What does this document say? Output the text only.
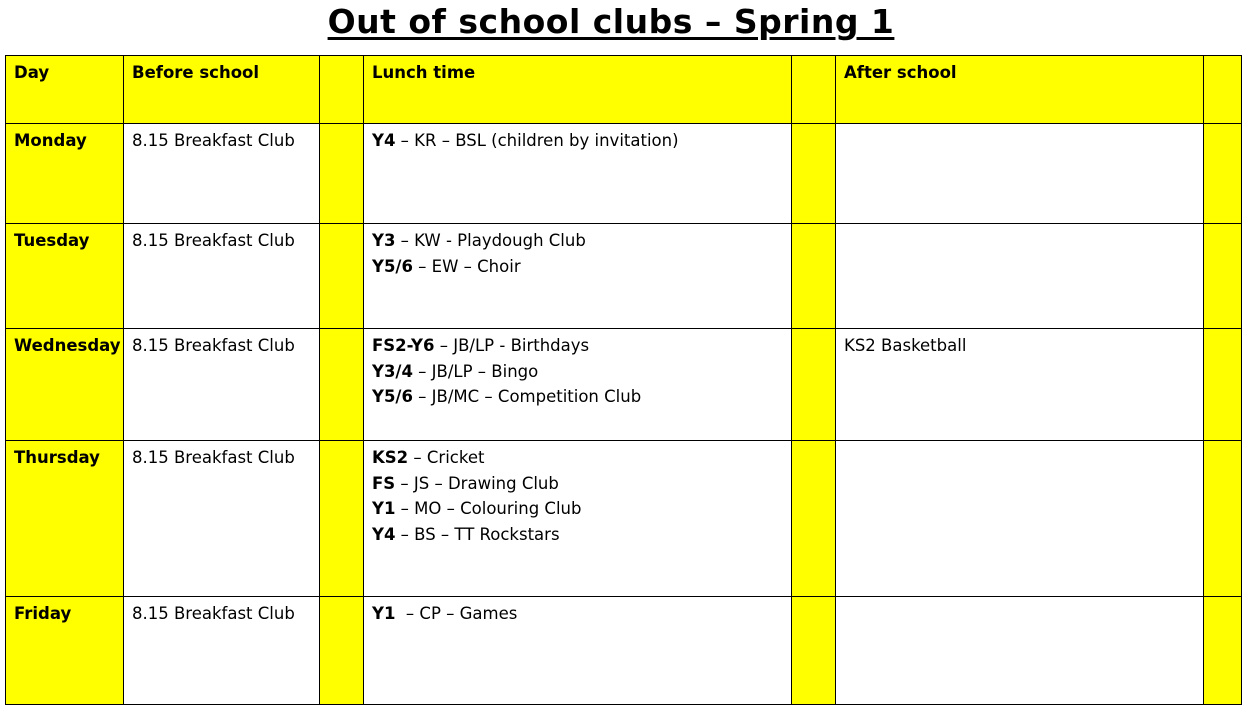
Out of school clubs – Spring 1
Day	Before school		Lunch time		After school	
Monday	8.15 Breakfast Club		Y4 – KR – BSL (children by invitation)			

Tuesday	8.15 Breakfast Club		Y3 – KW - Playdough Club
Y5/6 – EW – Choir			

Wednesday	8.15 Breakfast Club		FS2-Y6 – JB/LP - Birthdays
Y3/4 – JB/LP – Bingo
Y5/6 – JB/MC – Competition Club		KS2 Basketball	
Thursday	8.15 Breakfast Club		KS2 – Cricket
FS – JS – Drawing Club
Y1 – MO – Colouring Club
Y4 – BS – TT Rockstars			

Friday	8.15 Breakfast Club		Y1  – CP – Games			
